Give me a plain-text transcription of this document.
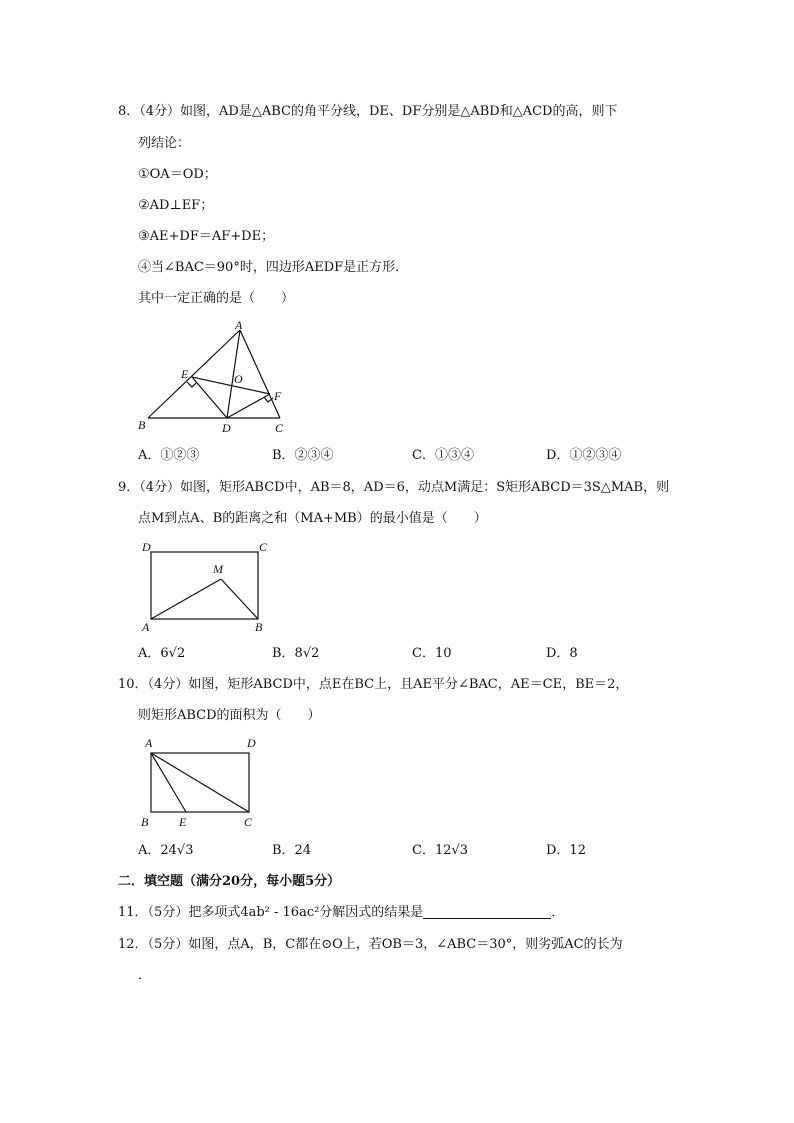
8．（4分）如图，AD是△ABC的角平分线，DE、DF分别是△ABD和△ACD的高，则下
列结论：
①OA＝OD；
②AD⊥EF；
③AE+DF＝AF+DE；
④当∠BAC＝90°时，四边形AEDF是正方形．
其中一定正确的是（　　）
A
B	C
D
E
F
O
A．①②③	B．②③④	C．①③④	D．①②③④
9．（4分）如图，矩形ABCD中，AB＝8，AD＝6，动点M满足：S矩形ABCD＝3S△MAB，则
点M到点A、B的距离之和（MA+MB）的最小值是（　　）
D	C
A	B
M
A．6√2	B．8√2	C．10	D．8
10．（4分）如图，矩形ABCD中，点E在BC上，且AE平分∠BAC，AE＝CE，BE＝2，
则矩形ABCD的面积为（　　）
A	D
B	E	C
A．24√3	B．24	C．12√3	D．12
二．填空题（满分20分，每小题5分）
11．（5分）把多项式4ab² - 16ac²分解因式的结果是	．
12．（5分）如图，点A，B，C都在⊙O上，若OB＝3，∠ABC＝30°，则劣弧AC的长为
．
